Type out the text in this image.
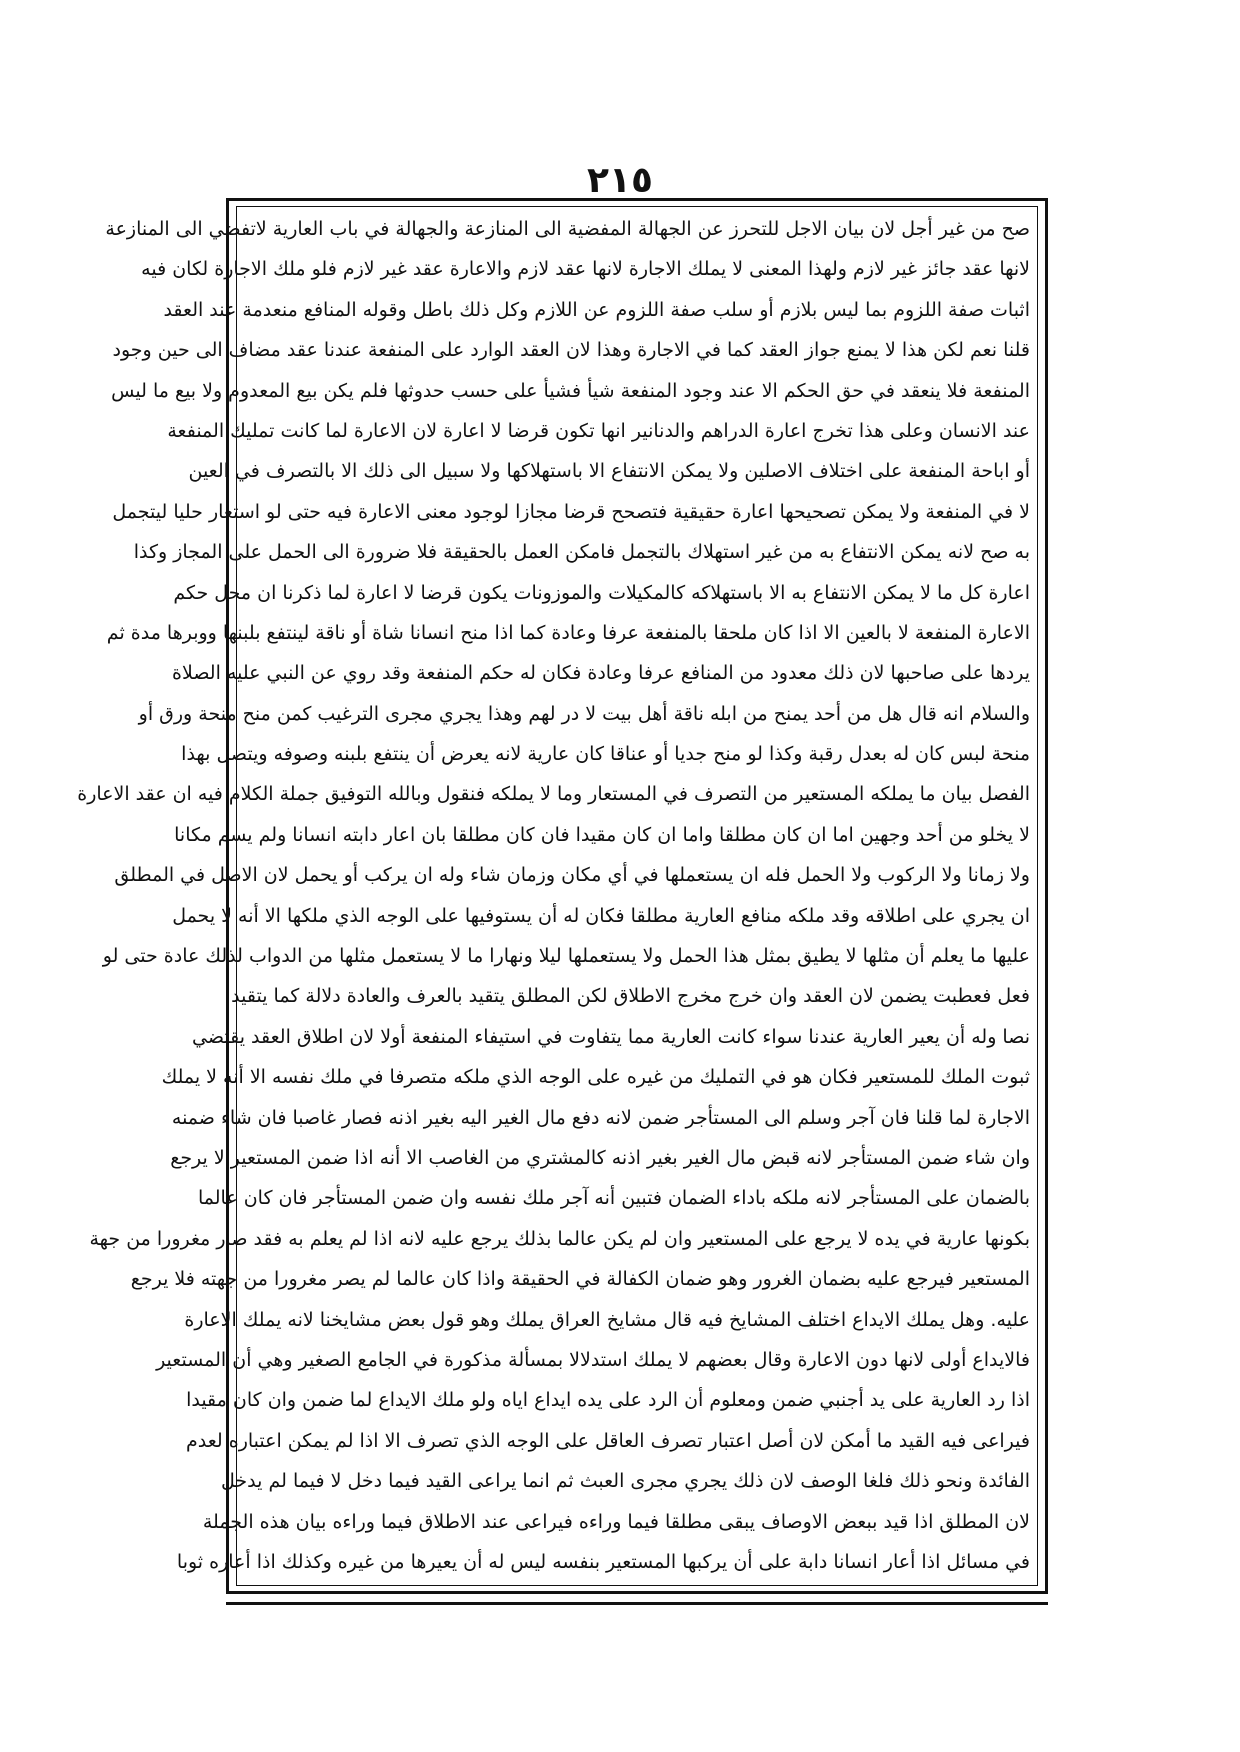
٢١٥
صح من غير أجل لان بيان الاجل للتحرز عن الجهالة المفضية الى المنازعة والجهالة في باب العارية لاتفضي الى المنازعة
لانها عقد جائز غير لازم ولهذا المعنى لا يملك الاجارة لانها عقد لازم والاعارة عقد غير لازم فلو ملك الاجارة لكان فيه
اثبات صفة اللزوم بما ليس بلازم أو سلب صفة اللزوم عن اللازم وكل ذلك باطل وقوله المنافع منعدمة عند العقد
قلنا نعم لكن هذا لا يمنع جواز العقد كما في الاجارة وهذا لان العقد الوارد على المنفعة عندنا عقد مضاف الى حين وجود
المنفعة فلا ينعقد في حق الحكم الا عند وجود المنفعة شيأ فشيأ على حسب حدوثها فلم يكن بيع المعدوم ولا بيع ما ليس
عند الانسان وعلى هذا تخرج اعارة الدراهم والدنانير انها تكون قرضا لا اعارة لان الاعارة لما كانت تمليك المنفعة
أو اباحة المنفعة على اختلاف الاصلين ولا يمكن الانتفاع الا باستهلاكها ولا سبيل الى ذلك الا بالتصرف في العين
لا في المنفعة ولا يمكن تصحيحها اعارة حقيقية فتصحح قرضا مجازا لوجود معنى الاعارة فيه حتى لو استعار حليا ليتجمل
به صح لانه يمكن الانتفاع به من غير استهلاك بالتجمل فامكن العمل بالحقيقة فلا ضرورة الى الحمل على المجاز وكذا
اعارة كل ما لا يمكن الانتفاع به الا باستهلاكه كالمكيلات والموزونات يكون قرضا لا اعارة لما ذكرنا ان محل حكم
الاعارة المنفعة لا بالعين الا اذا كان ملحقا بالمنفعة عرفا وعادة كما اذا منح انسانا شاة أو ناقة لينتفع بلبنها ووبرها مدة ثم
يردها على صاحبها لان ذلك معدود من المنافع عرفا وعادة فكان له حكم المنفعة وقد روي عن النبي عليه الصلاة
والسلام انه قال هل من أحد يمنح من ابله ناقة أهل بيت لا در لهم وهذا يجري مجرى الترغيب كمن منح منحة ورق أو
منحة لبس كان له بعدل رقبة وكذا لو منح جديا أو عناقا كان عارية لانه يعرض أن ينتفع بلبنه وصوفه ويتصل بهذا
الفصل بيان ما يملكه المستعير من التصرف في المستعار وما لا يملكه فنقول وبالله التوفيق جملة الكلام فيه ان عقد الاعارة
لا يخلو من أحد وجهين اما ان كان مطلقا واما ان كان مقيدا فان كان مطلقا بان اعار دابته انسانا ولم يسم مكانا
ولا زمانا ولا الركوب ولا الحمل فله ان يستعملها في أي مكان وزمان شاء وله ان يركب أو يحمل لان الاصل في المطلق
ان يجري على اطلاقه وقد ملكه منافع العارية مطلقا فكان له أن يستوفيها على الوجه الذي ملكها الا أنه لا يحمل
عليها ما يعلم أن مثلها لا يطيق بمثل هذا الحمل ولا يستعملها ليلا ونهارا ما لا يستعمل مثلها من الدواب لذلك عادة حتى لو
فعل فعطبت يضمن لان العقد وان خرج مخرج الاطلاق لكن المطلق يتقيد بالعرف والعادة دلالة كما يتقيد
نصا وله أن يعير العارية عندنا سواء كانت العارية مما يتفاوت في استيفاء المنفعة أولا لان اطلاق العقد يقتضي
ثبوت الملك للمستعير فكان هو في التمليك من غيره على الوجه الذي ملكه متصرفا في ملك نفسه الا أنه لا يملك
الاجارة لما قلنا فان آجر وسلم الى المستأجر ضمن لانه دفع مال الغير اليه بغير اذنه فصار غاصبا فان شاء ضمنه
وان شاء ضمن المستأجر لانه قبض مال الغير بغير اذنه كالمشتري من الغاصب الا أنه اذا ضمن المستعير لا يرجع
بالضمان على المستأجر لانه ملكه باداء الضمان فتبين أنه آجر ملك نفسه وان ضمن المستأجر فان كان عالما
بكونها عارية في يده لا يرجع على المستعير وان لم يكن عالما بذلك يرجع عليه لانه اذا لم يعلم به فقد صار مغرورا من جهة
المستعير فيرجع عليه بضمان الغرور وهو ضمان الكفالة في الحقيقة واذا كان عالما لم يصر مغرورا من جهته فلا يرجع
عليه. وهل يملك الايداع اختلف المشايخ فيه قال مشايخ العراق يملك وهو قول بعض مشايخنا لانه يملك الاعارة
فالايداع أولى لانها دون الاعارة وقال بعضهم لا يملك استدلالا بمسألة مذكورة في الجامع الصغير وهي أن المستعير
اذا رد العارية على يد أجنبي ضمن ومعلوم أن الرد على يده ايداع اياه ولو ملك الايداع لما ضمن وان كان مقيدا
فيراعى فيه القيد ما أمكن لان أصل اعتبار تصرف العاقل على الوجه الذي تصرف الا اذا لم يمكن اعتباره لعدم
الفائدة ونحو ذلك فلغا الوصف لان ذلك يجري مجرى العبث ثم انما يراعى القيد فيما دخل لا فيما لم يدخل
لان المطلق اذا قيد ببعض الاوصاف يبقى مطلقا فيما وراءه فيراعى عند الاطلاق فيما وراءه بيان هذه الجملة
في مسائل اذا أعار انسانا دابة على أن يركبها المستعير بنفسه ليس له أن يعيرها من غيره وكذلك اذا أعاره ثوبا
